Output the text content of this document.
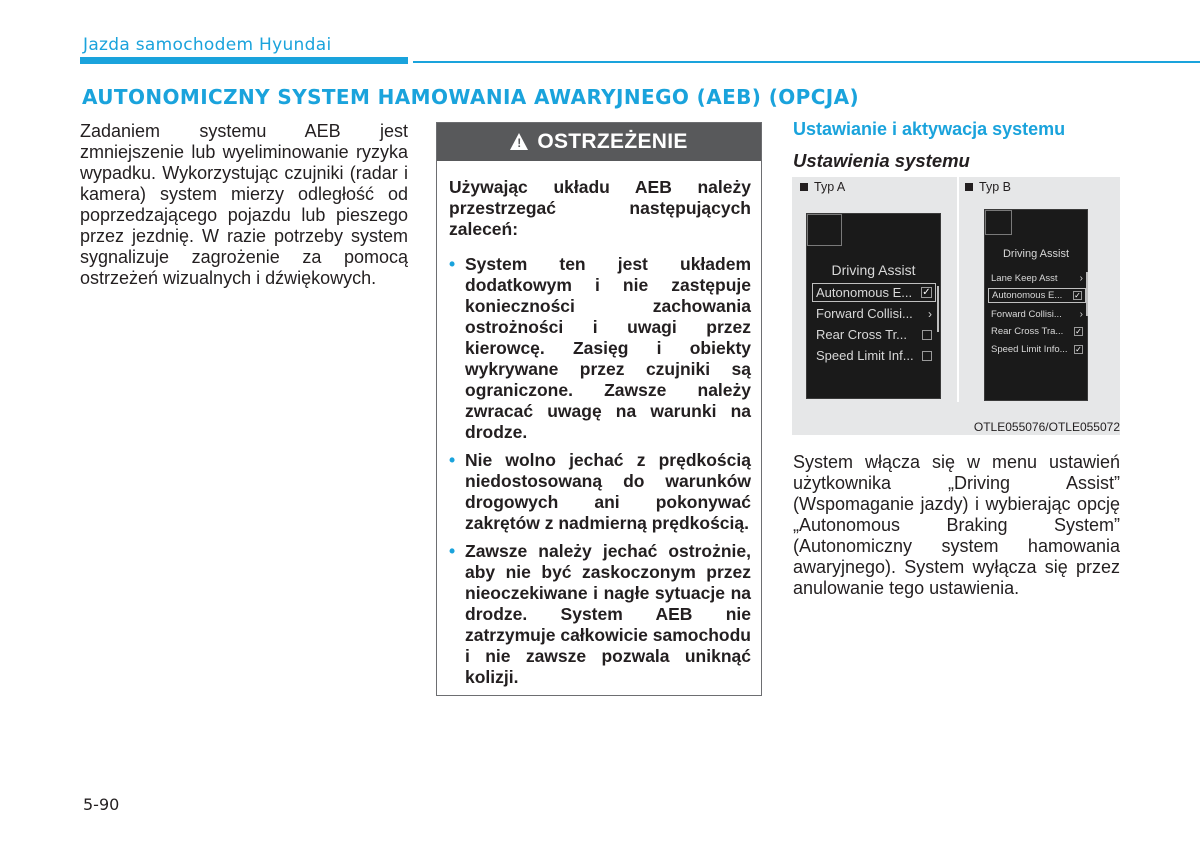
Jazda samochodem Hyundai
AUTONOMICZNY SYSTEM HAMOWANIA AWARYJNEGO (AEB) (OPCJA)

Zadaniem systemu AEB jest zmniejszenie lub wyeliminowanie ryzyka wypadku. Wykorzystując czujniki (radar i kamera) system mierzy odległość od poprzedzającego pojazdu lub pieszego przez jezdnię. W razie potrzeby system sygnalizuje zagrożenie za pomocą ostrzeżeń wizualnych i dźwiękowych.

! OSTRZEŻENIE
Używając układu AEB należy przestrzegać następujących zaleceń:
• System ten jest układem dodatkowym i nie zastępuje konieczności zachowania ostrożności i uwagi przez kierowcę. Zasięg i obiekty wykrywane przez czujniki są ograniczone. Zawsze należy zwracać uwagę na warunki na drodze.
• Nie wolno jechać z prędkością niedostosowaną do warunków drogowych ani pokonywać zakrętów z nadmierną prędkością.
• Zawsze należy jechać ostrożnie, aby nie być zaskoczonym przez nieoczekiwane i nagłe sytuacje na drodze. System AEB nie zatrzymuje całkowicie samochodu i nie zawsze pozwala uniknąć kolizji.
Ustawianie i aktywacja systemu
Ustawienia systemu
Typ A	Typ B
Driving Assist
Autonomous E... ✓
Forward Collisi... ›
Rear Cross Tr...
Speed Limit Inf...
Driving Assist
Lane Keep Asst ›
Autonomous E... ✓
Forward Collisi... ›
Rear Cross Tra... ✓
Speed Limit Info... ✓
OTLE055076/OTLE055072

System włącza się w menu ustawień użytkownika „Driving Assist” (Wspomaganie jazdy) i wybierając opcję „Autonomous Braking System” (Autonomiczny system hamowania awaryjnego). System wyłącza się przez anulowanie tego ustawienia.

5-90
